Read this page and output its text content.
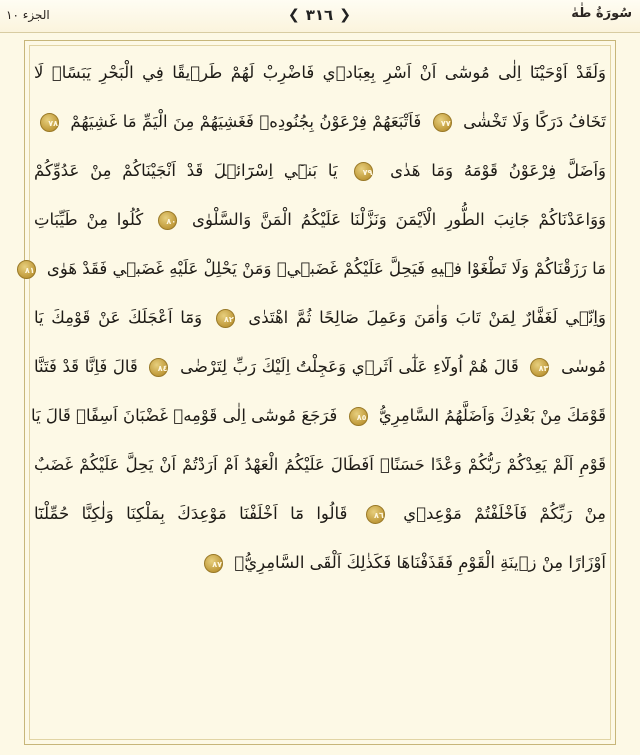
الجزء ١٠	❮ ٣١٦ ❯	سُورَةُ طٰهٰ
وَلَقَدْ اَوْحَيْنَٓا اِلٰى مُوسٰٓى اَنْ اَسْرِ بِعِبَادٖي فَاضْرِبْ لَهُمْ طَرٖيقًا فِي الْبَحْرِ يَبَسًاۙ لَا
تَخَافُ دَرَكًا وَلَا تَخْشٰى ٧٧ فَاَتْبَعَهُمْ فِرْعَوْنُ بِجُنُودِهٖ فَغَشِيَهُمْ مِنَ الْيَمِّ مَا غَشِيَهُمْ ٧٨
وَاَضَلَّ فِرْعَوْنُ قَوْمَهُ وَمَا هَدٰى ٧٩ يَا بَنٖٓي اِسْرَٓائٖلَ قَدْ اَنْجَيْنَاكُمْ مِنْ عَدُوِّكُمْ
وَوَاعَدْنَاكُمْ جَانِبَ الطُّورِ الْاَيْمَنَ وَنَزَّلْنَا عَلَيْكُمُ الْمَنَّ وَالسَّلْوٰى ٨٠ كُلُوا مِنْ طَيِّبَاتِ
مَا رَزَقْنَاكُمْ وَلَا تَطْغَوْا فٖيهِ فَيَحِلَّ عَلَيْكُمْ غَضَبٖيۚ وَمَنْ يَحْلِلْ عَلَيْهِ غَضَبٖي فَقَدْ هَوٰى ٨١
وَاِنّٖي لَغَفَّارٌ لِمَنْ تَابَ وَاٰمَنَ وَعَمِلَ صَالِحًا ثُمَّ اهْتَدٰى ٨٢ وَمَٓا اَعْجَلَكَ عَنْ قَوْمِكَ يَا
مُوسٰى ٨٣ قَالَ هُمْ اُولَٓاءِ عَلٰٓى اَثَرٖي وَعَجِلْتُ اِلَيْكَ رَبِّ لِتَرْضٰى ٨٤ قَالَ فَاِنَّا قَدْ فَتَنَّا
قَوْمَكَ مِنْ بَعْدِكَ وَاَضَلَّهُمُ السَّامِرِيُّ ٨٥ فَرَجَعَ مُوسٰٓى اِلٰى قَوْمِهٖ غَضْبَانَ اَسِفًاۚ قَالَ يَا
قَوْمِ اَلَمْ يَعِدْكُمْ رَبُّكُمْ وَعْدًا حَسَنًاۜ اَفَطَالَ عَلَيْكُمُ الْعَهْدُ اَمْ اَرَدْتُمْ اَنْ يَحِلَّ عَلَيْكُمْ غَضَبٌ
مِنْ رَبِّكُمْ فَاَخْلَفْتُمْ مَوْعِدٖي ٨٦ قَالُوا مَٓا اَخْلَفْنَا مَوْعِدَكَ بِمَلْكِنَا وَلٰكِنَّا حُمِّلْنَٓا
اَوْزَارًا مِنْ زٖينَةِ الْقَوْمِ فَقَذَفْنَاهَا فَكَذٰلِكَ اَلْقَى السَّامِرِيُّۙ ٨٧
